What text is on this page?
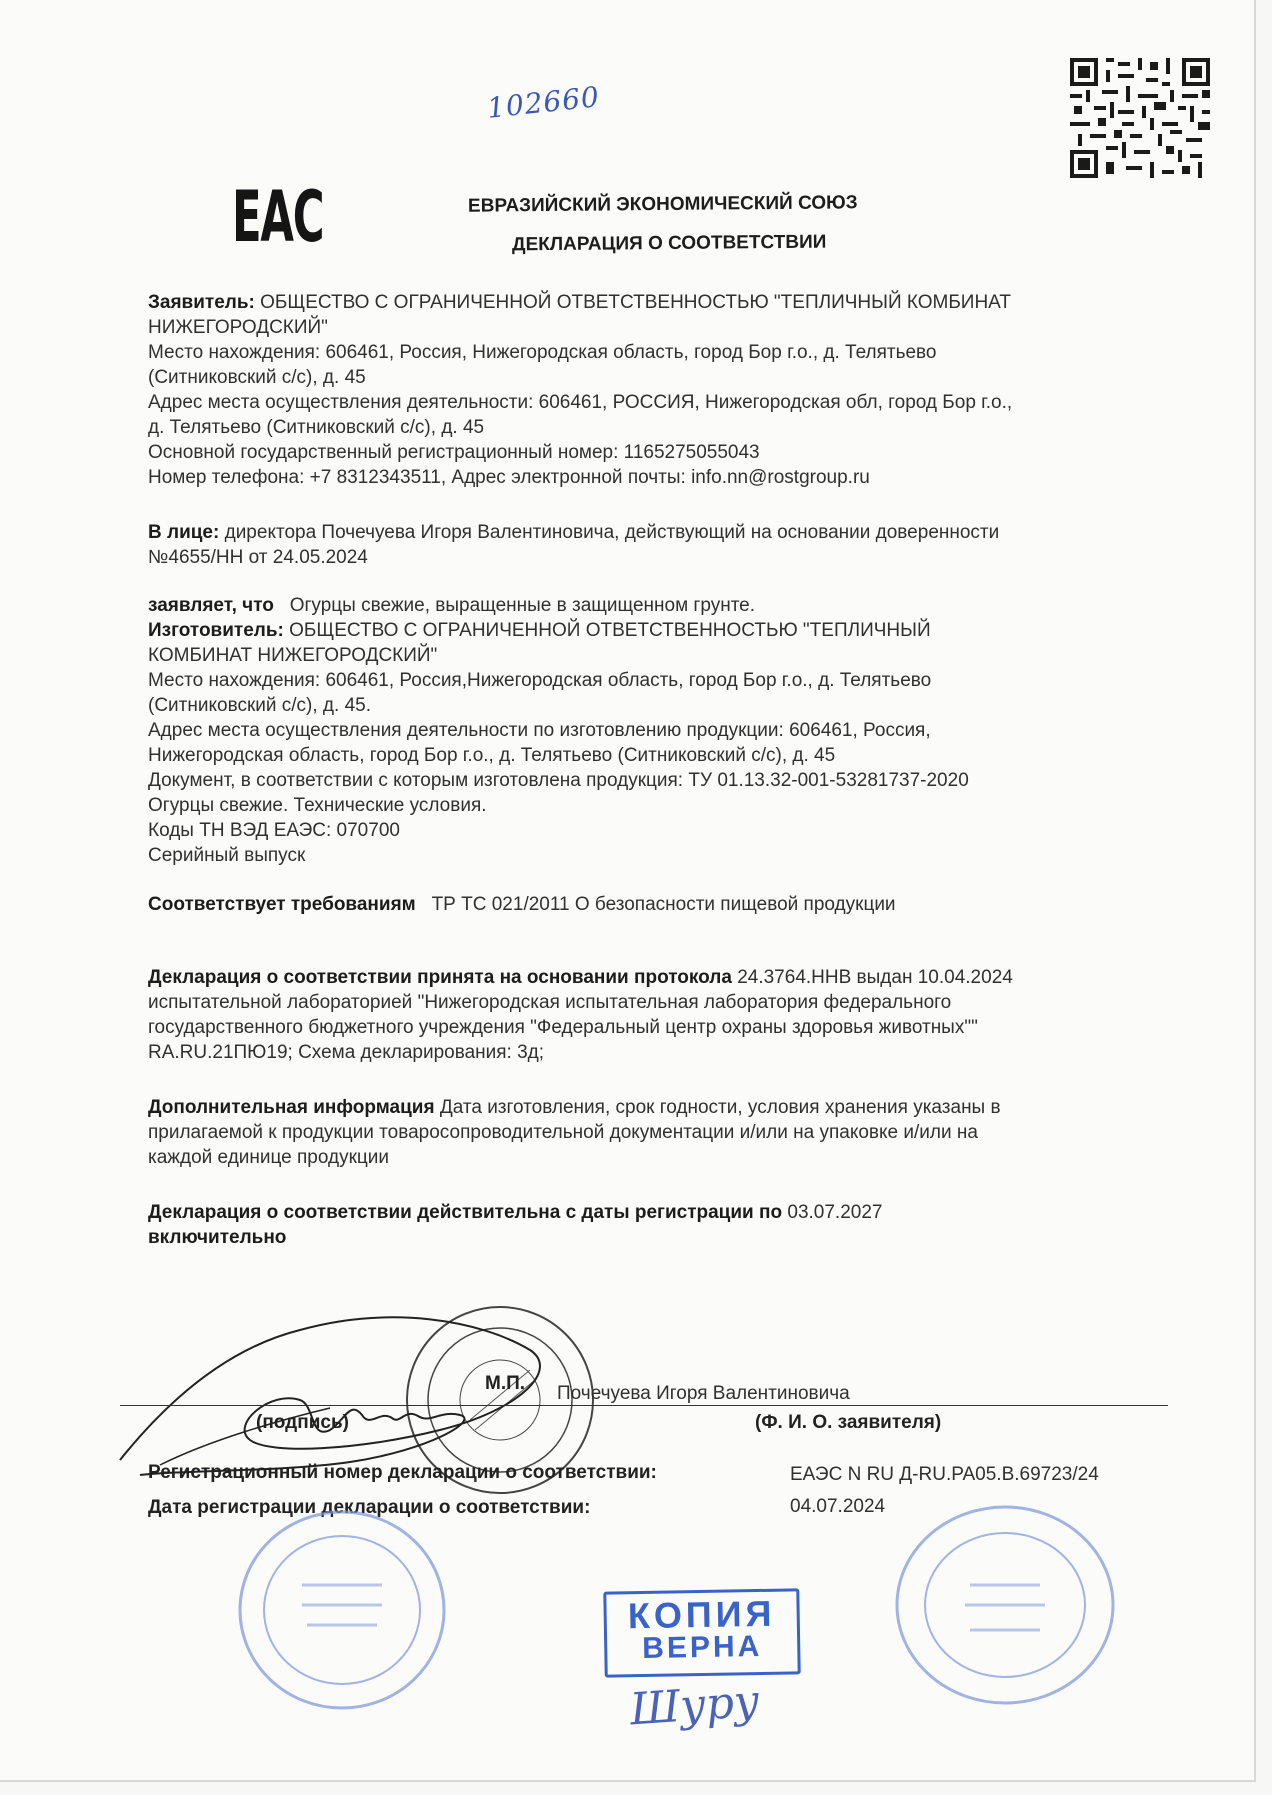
102660
EAC	ЕВРАЗИЙСКИЙ ЭКОНОМИЧЕСКИЙ СОЮЗ
ДЕКЛАРАЦИЯ О СООТВЕТСТВИИ
Заявитель: ОБЩЕСТВО С ОГРАНИЧЕННОЙ ОТВЕТСТВЕННОСТЬЮ "ТЕПЛИЧНЫЙ КОМБИНАТ
НИЖЕГОРОДСКИЙ"
Место нахождения: 606461, Россия, Нижегородская область, город Бор г.о., д. Телятьево
(Ситниковский с/с), д. 45
Адрес места осуществления деятельности: 606461, РОССИЯ, Нижегородская обл, город Бор г.о.,
д. Телятьево (Ситниковский с/с), д. 45
Основной государственный регистрационный номер: 1165275055043
Номер телефона: +7 8312343511, Адрес электронной почты: info.nn@rostgroup.ru
В лице: директора Почечуева Игоря Валентиновича, действующий на основании доверенности
№4655/НН от 24.05.2024
заявляет, что Огурцы свежие, выращенные в защищенном грунте.
Изготовитель: ОБЩЕСТВО С ОГРАНИЧЕННОЙ ОТВЕТСТВЕННОСТЬЮ "ТЕПЛИЧНЫЙ
КОМБИНАТ НИЖЕГОРОДСКИЙ"
Место нахождения: 606461, Россия,Нижегородская область, город Бор г.о., д. Телятьево
(Ситниковский с/с), д. 45.
Адрес места осуществления деятельности по изготовлению продукции: 606461, Россия,
Нижегородская область, город Бор г.о., д. Телятьево (Ситниковский с/с), д. 45
Документ, в соответствии с которым изготовлена продукция: ТУ 01.13.32-001-53281737-2020
Огурцы свежие. Технические условия.
Коды ТН ВЭД ЕАЭС: 070700
Серийный выпуск
Соответствует требованиям ТР ТС 021/2011 О безопасности пищевой продукции
Декларация о соответствии принята на основании протокола 24.3764.ННВ выдан 10.04.2024
испытательной лабораторией "Нижегородская испытательная лаборатория федерального
государственного бюджетного учреждения "Федеральный центр охраны здоровья животных""
RA.RU.21ПЮ19; Схема декларирования: 3д;
Дополнительная информация Дата изготовления, срок годности, условия хранения указаны в
прилагаемой к продукции товаросопроводительной документации и/или на упаковке и/или на
каждой единице продукции
Декларация о соответствии действительна с даты регистрации по 03.07.2027
включительно
М.П. Почечуева Игоря Валентиновича
(подпись)	(Ф. И. О. заявителя)
Регистрационный номер декларации о соответствии:	ЕАЭС N RU Д-RU.PA05.B.69723/24
Дата регистрации декларации о соответствии:	04.07.2024
КОПИЯ
ВЕРНА
Шуру
